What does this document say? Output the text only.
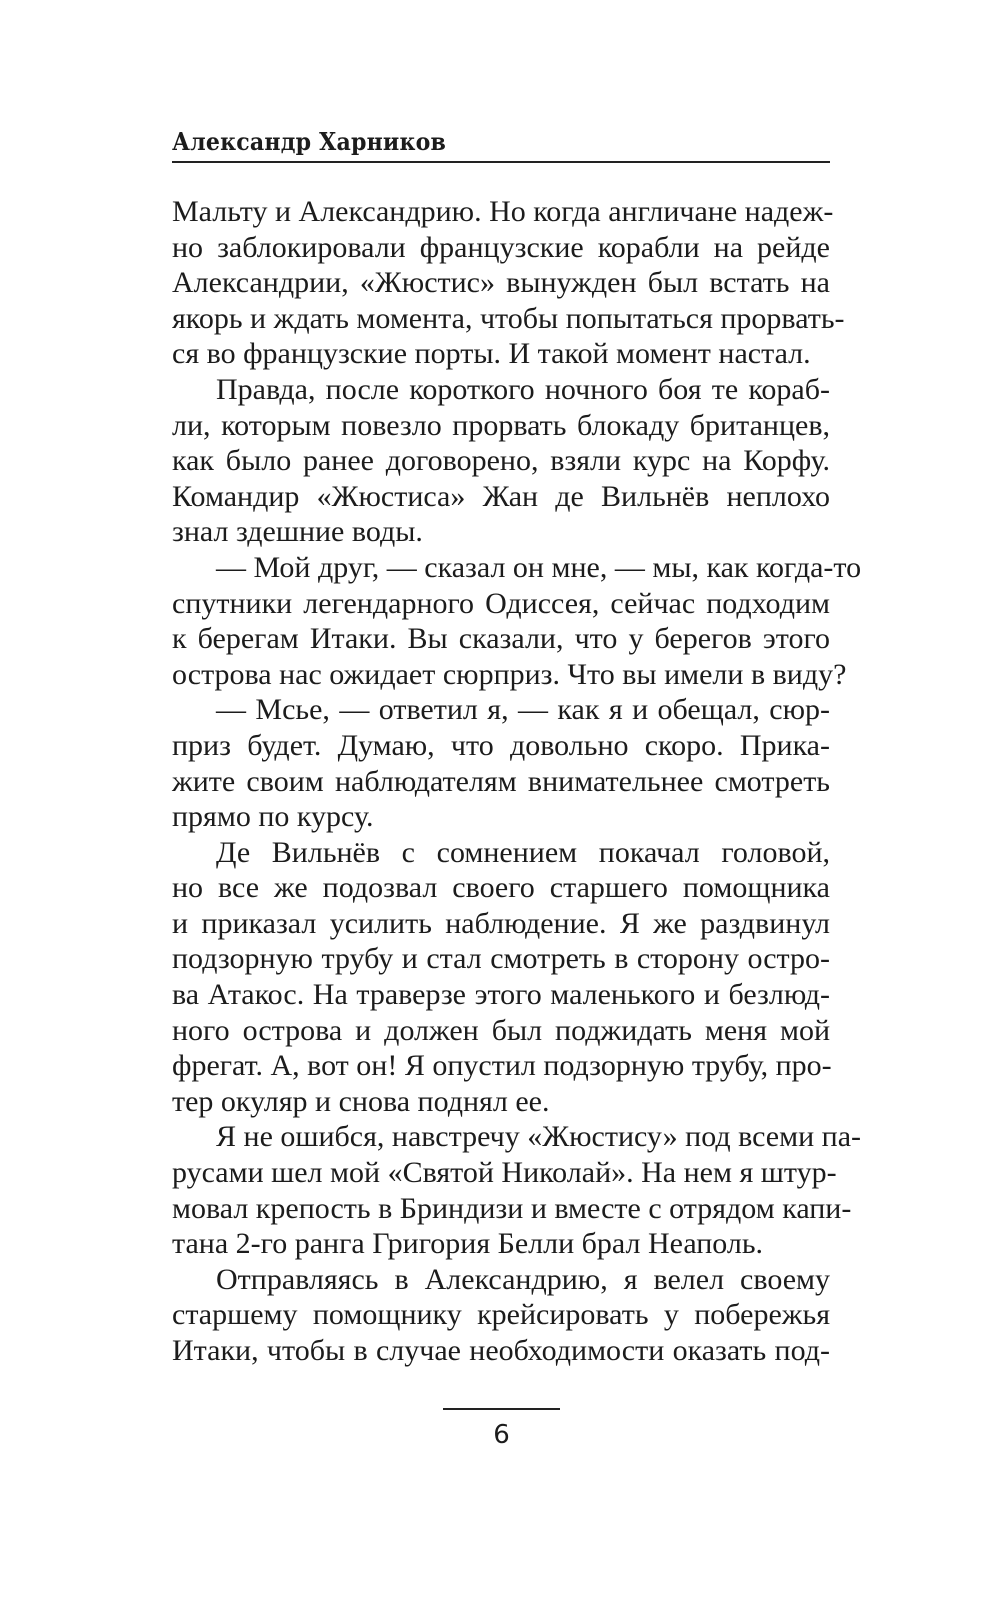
Александр Харников
Мальту и Александрию. Но когда англичане надеж-
но заблокировали французские корабли на рейде
Александрии, «Жюстис» вынужден был встать на
якорь и ждать момента, чтобы попытаться прорвать-
ся во французские порты. И такой момент настал.
Правда, после короткого ночного боя те кораб-
ли, которым повезло прорвать блокаду британцев,
как было ранее договорено, взяли курс на Корфу.
Командир «Жюстиса» Жан де Вильнёв неплохо
знал здешние воды.
— Мой друг, — сказал он мне, — мы, как когда-то
спутники легендарного Одиссея, сейчас подходим
к берегам Итаки. Вы сказали, что у берегов этого
острова нас ожидает сюрприз. Что вы имели в виду?
— Мсье, — ответил я, — как я и обещал, сюр-
приз будет. Думаю, что довольно скоро. Прика-
жите своим наблюдателям внимательнее смотреть
прямо по курсу.
Де Вильнёв с сомнением покачал головой,
но все же подозвал своего старшего помощника
и приказал усилить наблюдение. Я же раздвинул
подзорную трубу и стал смотреть в сторону остро-
ва Атакос. На траверзе этого маленького и безлюд-
ного острова и должен был поджидать меня мой
фрегат. А, вот он! Я опустил подзорную трубу, про-
тер окуляр и снова поднял ее.
Я не ошибся, навстречу «Жюстису» под всеми па-
русами шел мой «Святой Николай». На нем я штур-
мовал крепость в Бриндизи и вместе с отрядом капи-
тана 2-го ранга Григория Белли брал Неаполь.
Отправляясь в Александрию, я велел своему
старшему помощнику крейсировать у побережья
Итаки, чтобы в случае необходимости оказать под-
6
